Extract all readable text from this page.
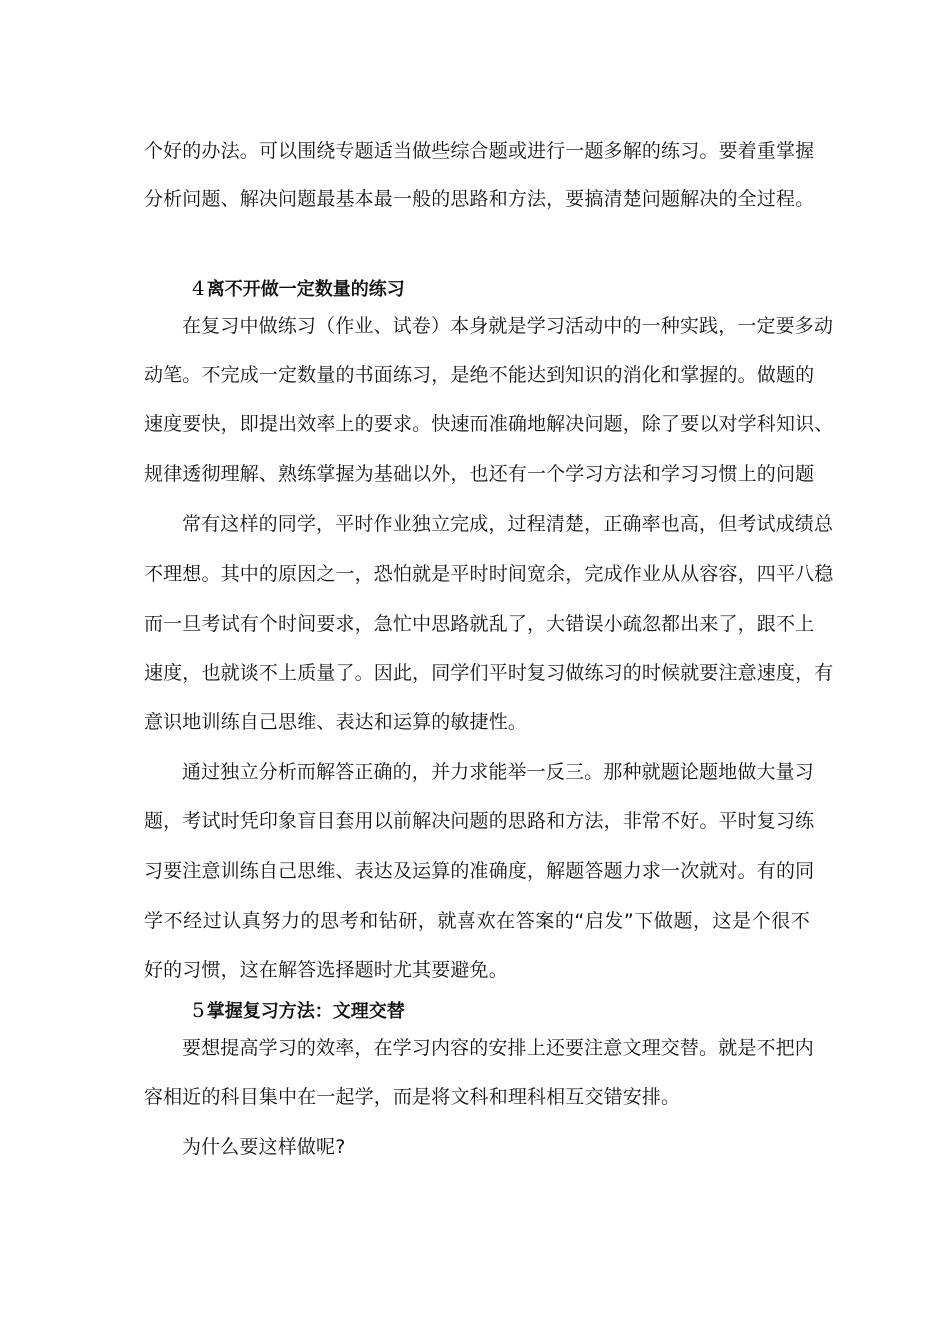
个好的办法。可以围绕专题适当做些综合题或进行一题多解的练习。要着重掌握
分析问题、解决问题最基本最一般的思路和方法，要搞清楚问题解决的全过程。
4 离不开做一定数量的练习
在复习中做练习（作业、试卷）本身就是学习活动中的一种实践，一定要多动
动笔。不完成一定数量的书面练习，是绝不能达到知识的消化和掌握的。做题的
速度要快，即提出效率上的要求。快速而准确地解决问题，除了要以对学科知识、
规律透彻理解、熟练掌握为基础以外，也还有一个学习方法和学习习惯上的问题
常有这样的同学，平时作业独立完成，过程清楚，正确率也高，但考试成绩总
不理想。其中的原因之一，恐怕就是平时时间宽余，完成作业从从容容，四平八稳
而一旦考试有个时间要求，急忙中思路就乱了，大错误小疏忽都出来了，跟不上
速度，也就谈不上质量了。因此，同学们平时复习做练习的时候就要注意速度，有
意识地训练自己思维、表达和运算的敏捷性。
通过独立分析而解答正确的，并力求能举一反三。那种就题论题地做大量习
题，考试时凭印象盲目套用以前解决问题的思路和方法，非常不好。平时复习练
习要注意训练自己思维、表达及运算的准确度，解题答题力求一次就对。有的同
学不经过认真努力的思考和钻研，就喜欢在答案的“启发”下做题，这是个很不
好的习惯，这在解答选择题时尤其要避免。
5 掌握复习方法：文理交替
要想提高学习的效率，在学习内容的安排上还要注意文理交替。就是不把内
容相近的科目集中在一起学，而是将文科和理科相互交错安排。
为什么要这样做呢?
